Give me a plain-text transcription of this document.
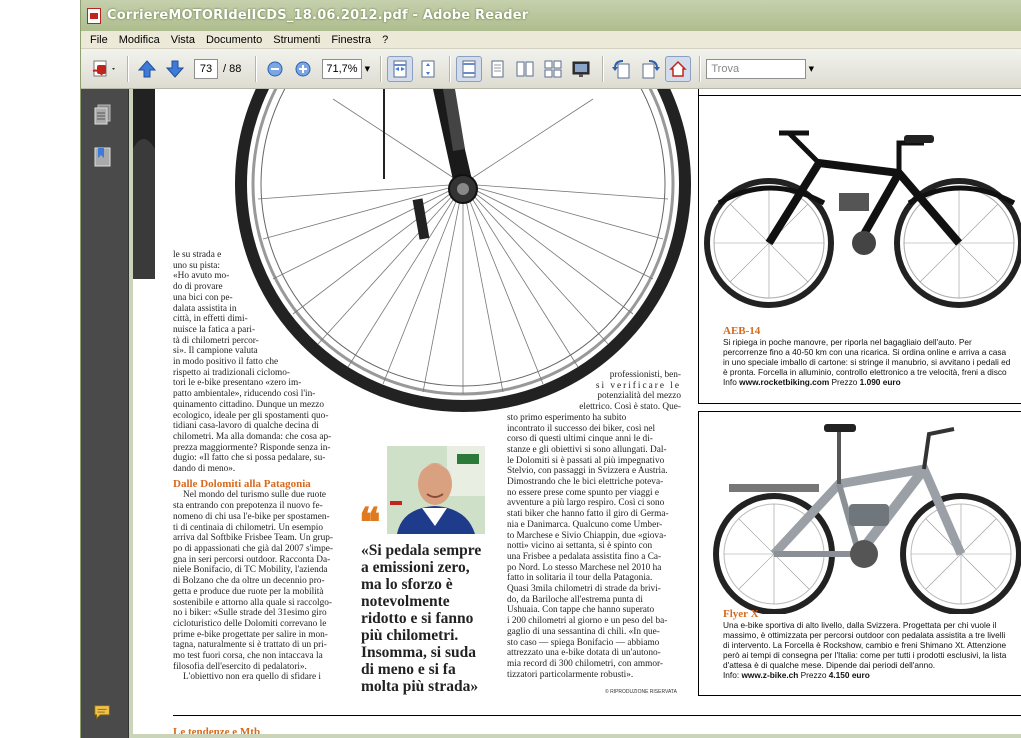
CorriereMOTORIdelICDS_18.06.2012.pdf - Adobe Reader
File	Modifica	Vista	Documento	Strumenti	Finestra	?
73 / 88	71,7%	▼	Trova	▼
AEB-14
Si ripiega in poche manovre, per riporla nel bagagliaio dell'auto. Per
percorrenze fino a 40-50 km con una ricarica. Si ordina online e arriva a casa
in uno speciale imballo di cartone: si stringe il manubrio, si avvitano i pedali ed
è pronta. Forcella in alluminio, controllo elettronico a tre velocità, freni a disco
Info www.rocketbiking.com Prezzo 1.090 euro
Flyer X
Una e-bike sportiva di alto livello, dalla Svizzera. Progettata per chi vuole il
massimo, è ottimizzata per percorsi outdoor con pedalata assistita a tre livelli
di intervento. La Forcella è Rockshow, cambio e freni Shimano Xt. Attenzione
però ai tempi di consegna per l'Italia: come per tutti i prodotti esclusivi, la lista
d'attesa è di qualche mese. Dipende dai periodi dell'anno.
Info: www.z-bike.ch Prezzo 4.150 euro

le su strada e

uno su pista:

«Ho avuto mo-

do di provare

una bici con pe-

dalata assistita in

città, in effetti dimi-

nuisce la fatica a pari-

tà di chilometri percor-

si». Il campione valuta

in modo positivo il fatto che

rispetto ai tradizionali ciclomo-

tori le e-bike presentano «zero im-

patto ambientale», riducendo così l'in-

quinamento cittadino. Dunque un mezzo

ecologico, ideale per gli spostamenti quo-

tidiani casa-lavoro di qualche decina di

chilometri. Ma alla domanda: che cosa ap-

prezza maggiormente? Risponde senza in-

dugio: «Il fatto che si possa pedalare, su-

dando di meno».

Dalle Dolomiti alla Patagonia

Nel mondo del turismo sulle due ruote

sta entrando con prepotenza il nuovo fe-

nomeno di chi usa l'e-bike per spostamen-

ti di centinaia di chilometri. Un esempio

arriva dal Softbike Frisbee Team. Un grup-

po di appassionati che già dal 2007 s'impe-

gna in seri percorsi outdoor. Racconta Da-

niele Bonifacio, di TC Mobility, l'azienda

di Bolzano che da oltre un decennio pro-

getta e produce due ruote per la mobilità

sostenibile e attorno alla quale si raccolgo-

no i biker: «Sulle strade del 31esimo giro

cicloturistico delle Dolomiti correvano le

prime e-bike progettate per salire in mon-

tagna, naturalmente si è trattato di un pri-

mo test fuori corsa, che non intaccava la

filosofia dell'esercito di pedalatori».

L'obiettivo non era quello di sfidare i

❝
«Si pedala sempre a emissioni zero, ma lo sforzo è notevolmente ridotto e si fanno più chilometri. Insomma, si suda di meno e si fa molta più strada»

professionisti, ben-

sì verificare le

potenzialità del mezzo

elettrico. Così è stato. Que-

sto primo esperimento ha subito

incontrato il successo dei biker, così nel

corso di questi ultimi cinque anni le di-

stanze e gli obiettivi si sono allungati. Dal-

le Dolomiti si è passati al più impegnativo

Stelvio, con passaggi in Svizzera e Austria.

Dimostrando che le bici elettriche poteva-

no essere prese come spunto per viaggi e

avventure a più largo respiro. Così ci sono

stati biker che hanno fatto il giro di Germa-

nia e Danimarca. Qualcuno come Umber-

to Marchese e Sivio Chiappin, due «giova-

notti» vicino ai settanta, si è spinto con

una Frisbee a pedalata assistita fino a Ca-

po Nord. Lo stesso Marchese nel 2010 ha

fatto in solitaria il tour della Patagonia.

Quasi 3mila chilometri di strade da brivi-

do, da Bariloche all'estrema punta di

Ushuaia. Con tappe che hanno superato

i 200 chilometri al giorno e un peso del ba-

gaglio di una sessantina di chili. «In que-

sto caso — spiega Bonifacio — abbiamo

attrezzato una e-bike dotata di un'autono-

mia record di 300 chilometri, con ammor-

tizzatori particolarmente robusti».

© RIPRODUZIONE RISERVATA
Le tendenze e Mtb
